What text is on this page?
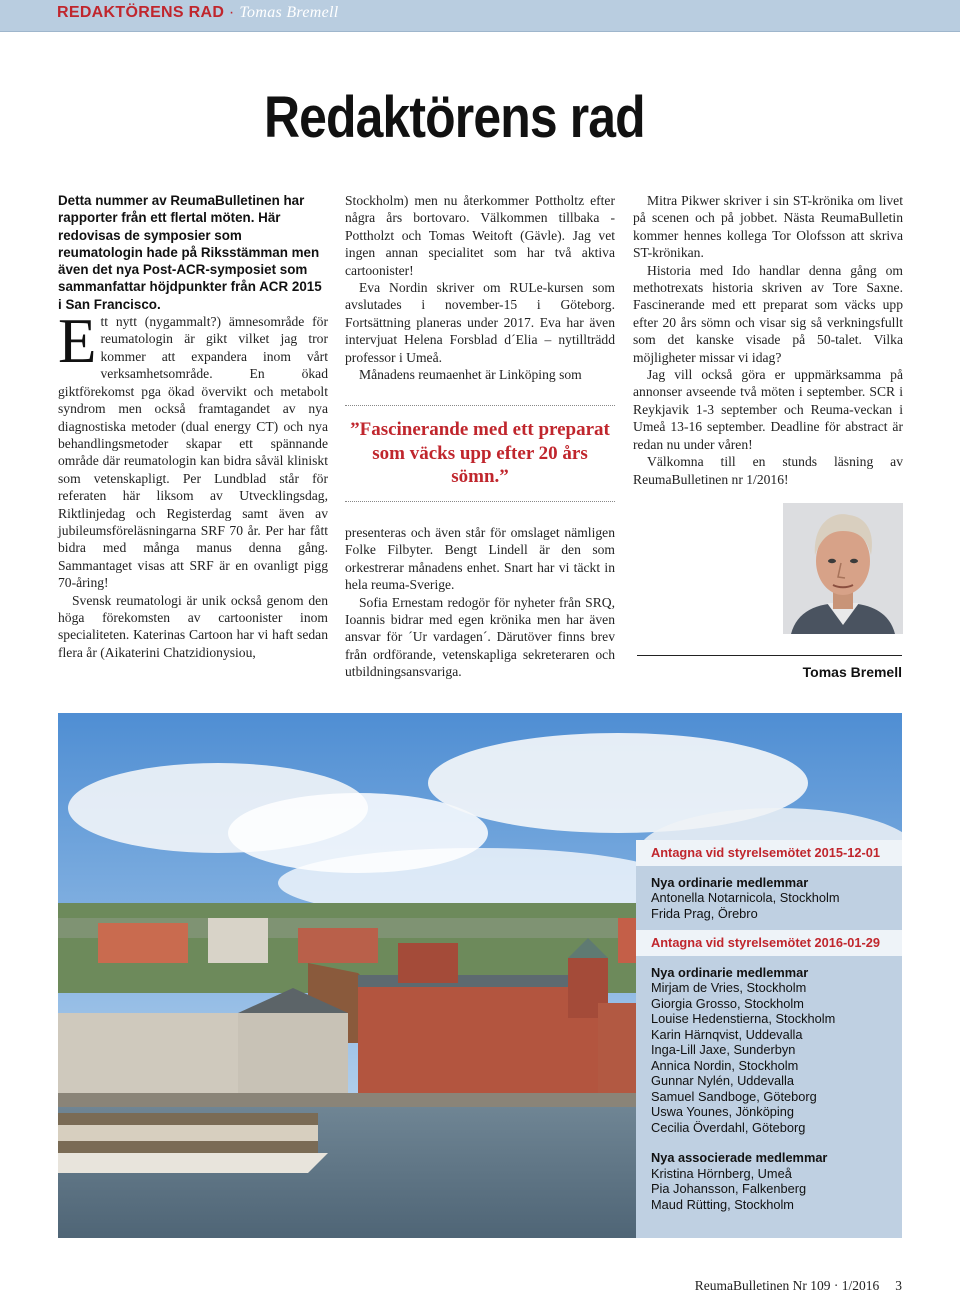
REDAKTÖRENS RAD · Tomas Bremell
Redaktörens rad

Detta nummer av ReumaBulletinen har rapporter från ett flertal möten. Här redovisas de symposier som reumatologin hade på Riksstämman men även det nya Post-ACR-symposiet som sammanfattar höjdpunkter från ACR 2015 i San Francisco.

Ett nytt (nygammalt?) ämnesområde för reumatologin är gikt vilket jag tror kommer att expandera inom vårt verksamhetsområde. En ökad giktförekomst pga ökad övervikt och metabolt syndrom men också framtagandet av nya diagnostiska metoder (dual energy CT) och nya behandlingsmetoder skapar ett spännande område där reumatologin kan bidra såväl kliniskt som vetenskapligt. Per Lundblad står för referaten här liksom av Utvecklingsdag, Riktlinjedag och Registerdag samt även av jubileumsföreläsningarna SRF 70 år. Per har fått bidra med många manus denna gång. Sammantaget visas att SRF är en ovanligt pigg 70-åring!

Svensk reumatologi är unik också genom den höga förekomsten av cartoonister inom specialiteten. Katerinas Cartoon har vi haft sedan flera år (Aikaterini Chatzidionysiou,

Stockholm) men nu återkommer Pottholtz efter några års bortovaro. Välkommen tillbaka - Pottholzt och Tomas Weitoft (Gävle). Jag vet ingen annan specialitet som har två aktiva cartoonister!

Eva Nordin skriver om RULe-kursen som avslutades i november-15 i Göteborg. Fortsättning planeras under 2017. Eva har även intervjuat Helena Forsblad d´Elia – nytillträdd professor i Umeå.

Månadens reumaenhet är Linköping som

”Fascinerande med ett preparat som väcks upp efter 20 års sömn.”

presenteras och även står för omslaget nämligen Folke Filbyter. Bengt Lindell är den som orkestrerar månadens enhet. Snart har vi täckt in hela reuma-Sverige.

Sofia Ernestam redogör för nyheter från SRQ, Ioannis bidrar med egen krönika men har även ansvar för ´Ur vardagen´. Därutöver finns brev från ordförande, vetenskapliga sekreteraren och utbildningsansvariga.

Mitra Pikwer skriver i sin ST-krönika om livet på scenen och på jobbet. Nästa ReumaBulletin kommer hennes kollega Tor Olofsson att skriva ST-krönikan.

Historia med Ido handlar denna gång om methotrexats historia skriven av Tore Saxne. Fascinerande med ett preparat som väcks upp efter 20 års sömn och visar sig så verkningsfullt som det kanske visade på 50-talet. Vilka möjligheter missar vi idag?

Jag vill också göra er uppmärksamma på annonser avseende två möten i september. SCR i Reykjavik 1-3 september och Reuma-veckan i Umeå 13-16 september. Deadline för abstract är redan nu under våren!

Välkomna till en stunds läsning av ReumaBulletinen nr 1/2016!

Tomas Bremell
Antagna vid styrelsemötet 2015-12-01
Nya ordinarie medlemmar
Antonella Notarnicola, Stockholm
Frida Prag, Örebro
Antagna vid styrelsemötet 2016-01-29
Nya ordinarie medlemmar
Mirjam de Vries, Stockholm
Giorgia Grosso, Stockholm
Louise Hedenstierna, Stockholm
Karin Härnqvist, Uddevalla
Inga-Lill Jaxe, Sunderbyn
Annica Nordin, Stockholm
Gunnar Nylén, Uddevalla
Samuel Sandboge, Göteborg
Uswa Younes, Jönköping
Cecilia Överdahl, Göteborg
Nya associerade medlemmar
Kristina Hörnberg, Umeå
Pia Johansson, Falkenberg
Maud Rütting, Stockholm
ReumaBulletinen Nr 109 · 1/2016 3
